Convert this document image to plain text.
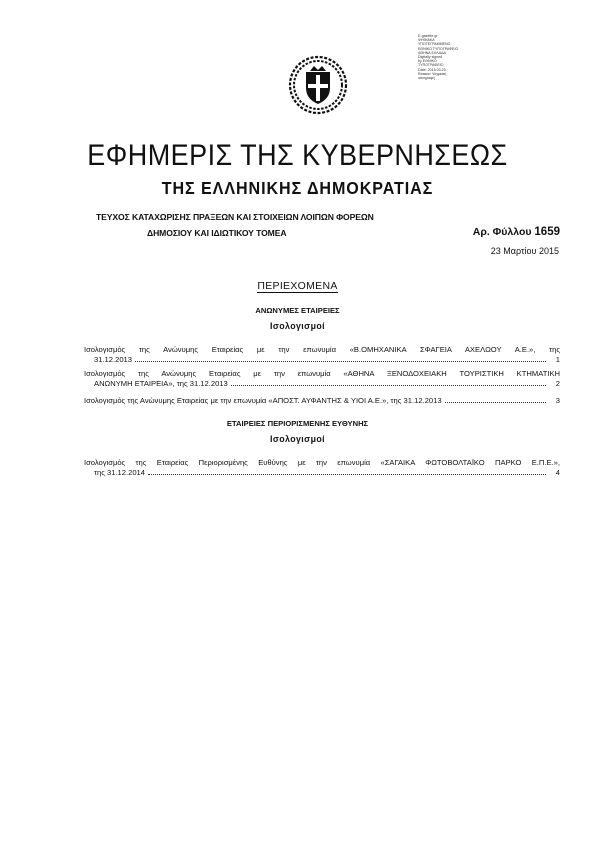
E-gazette.gr
ΨΗΦΙΑΚΑ
ΥΠΟΓΕΓΡΑΜΜΕΝΟ
ΕΘΝΙΚΟ ΤΥΠΟΓΡΑΦΕΙΟ
ΑΘΗΝΑ ΕΛΛΑΔΑ
Digitally signed
by ΕΘΝΙΚΟ
ΤΥΠΟΓΡΑΦΕΙΟ
Date: 2015.03.23
Reason: Ψηφιακή
υπογραφή
ΕΦΗΜΕΡΙΣ ΤΗΣ ΚΥΒΕΡΝΗΣΕΩΣ
ΤΗΣ ΕΛΛΗΝΙΚΗΣ ΔΗΜΟΚΡΑΤΙΑΣ
ΤΕΥΧΟΣ ΚΑΤΑΧΩΡΙΣΗΣ ΠΡΑΞΕΩΝ ΚΑΙ ΣΤΟΙΧΕΙΩΝ ΛΟΙΠΩΝ ΦΟΡΕΩΝ
ΔΗΜΟΣΙΟΥ ΚΑΙ ΙΔΙΩΤΙΚΟΥ ΤΟΜΕΑ	Αρ. Φύλλου 1659
23 Μαρτίου 2015
ΠΕΡΙΕΧΟΜΕΝΑ
ΑΝΩΝΥΜΕΣ ΕΤΑΙΡΕΙΕΣ
Ισολογισμοί
Ισολογισμός της Ανώνυμης Εταιρείας με την επωνυμία «Β.ΟΜΗΧΑΝΙΚΑ ΣΦΑΓΕΙΑ ΑΧΕΛΩΟΥ Α.Ε.», της
31.12.2013	1
Ισολογισμός της Ανώνυμης Εταιρείας με την επωνυμία «ΑΘΗΝΑ ΞΕΝΟΔΟΧΕΙΑΚΗ ΤΟΥΡΙΣΤΙΚΗ ΚΤΗΜΑΤΙΚΗ
ΑΝΩΝΥΜΗ ΕΤΑΙΡΕΙΑ», της 31.12.2013	2
Ισολογισμός της Ανώνυμης Εταιρείας με την επωνυμία «ΑΠΟΣΤ. ΑΥΦΑΝΤΗΣ & ΥΙΟΙ Α.Ε.», της 31.12.2013	3
ΕΤΑΙΡΕΙΕΣ ΠΕΡΙΟΡΙΣΜΕΝΗΣ ΕΥΘΥΝΗΣ
Ισολογισμοί
Ισολογισμός της Εταιρείας Περιορισμένης Ευθύνης με την επωνυμία «ΣΑΓΑΙΚΑ ΦΩΤΟΒΟΛΤΑΪΚΟ ΠΑΡΚΟ Ε.Π.Ε.»,
της 31.12.2014	4
